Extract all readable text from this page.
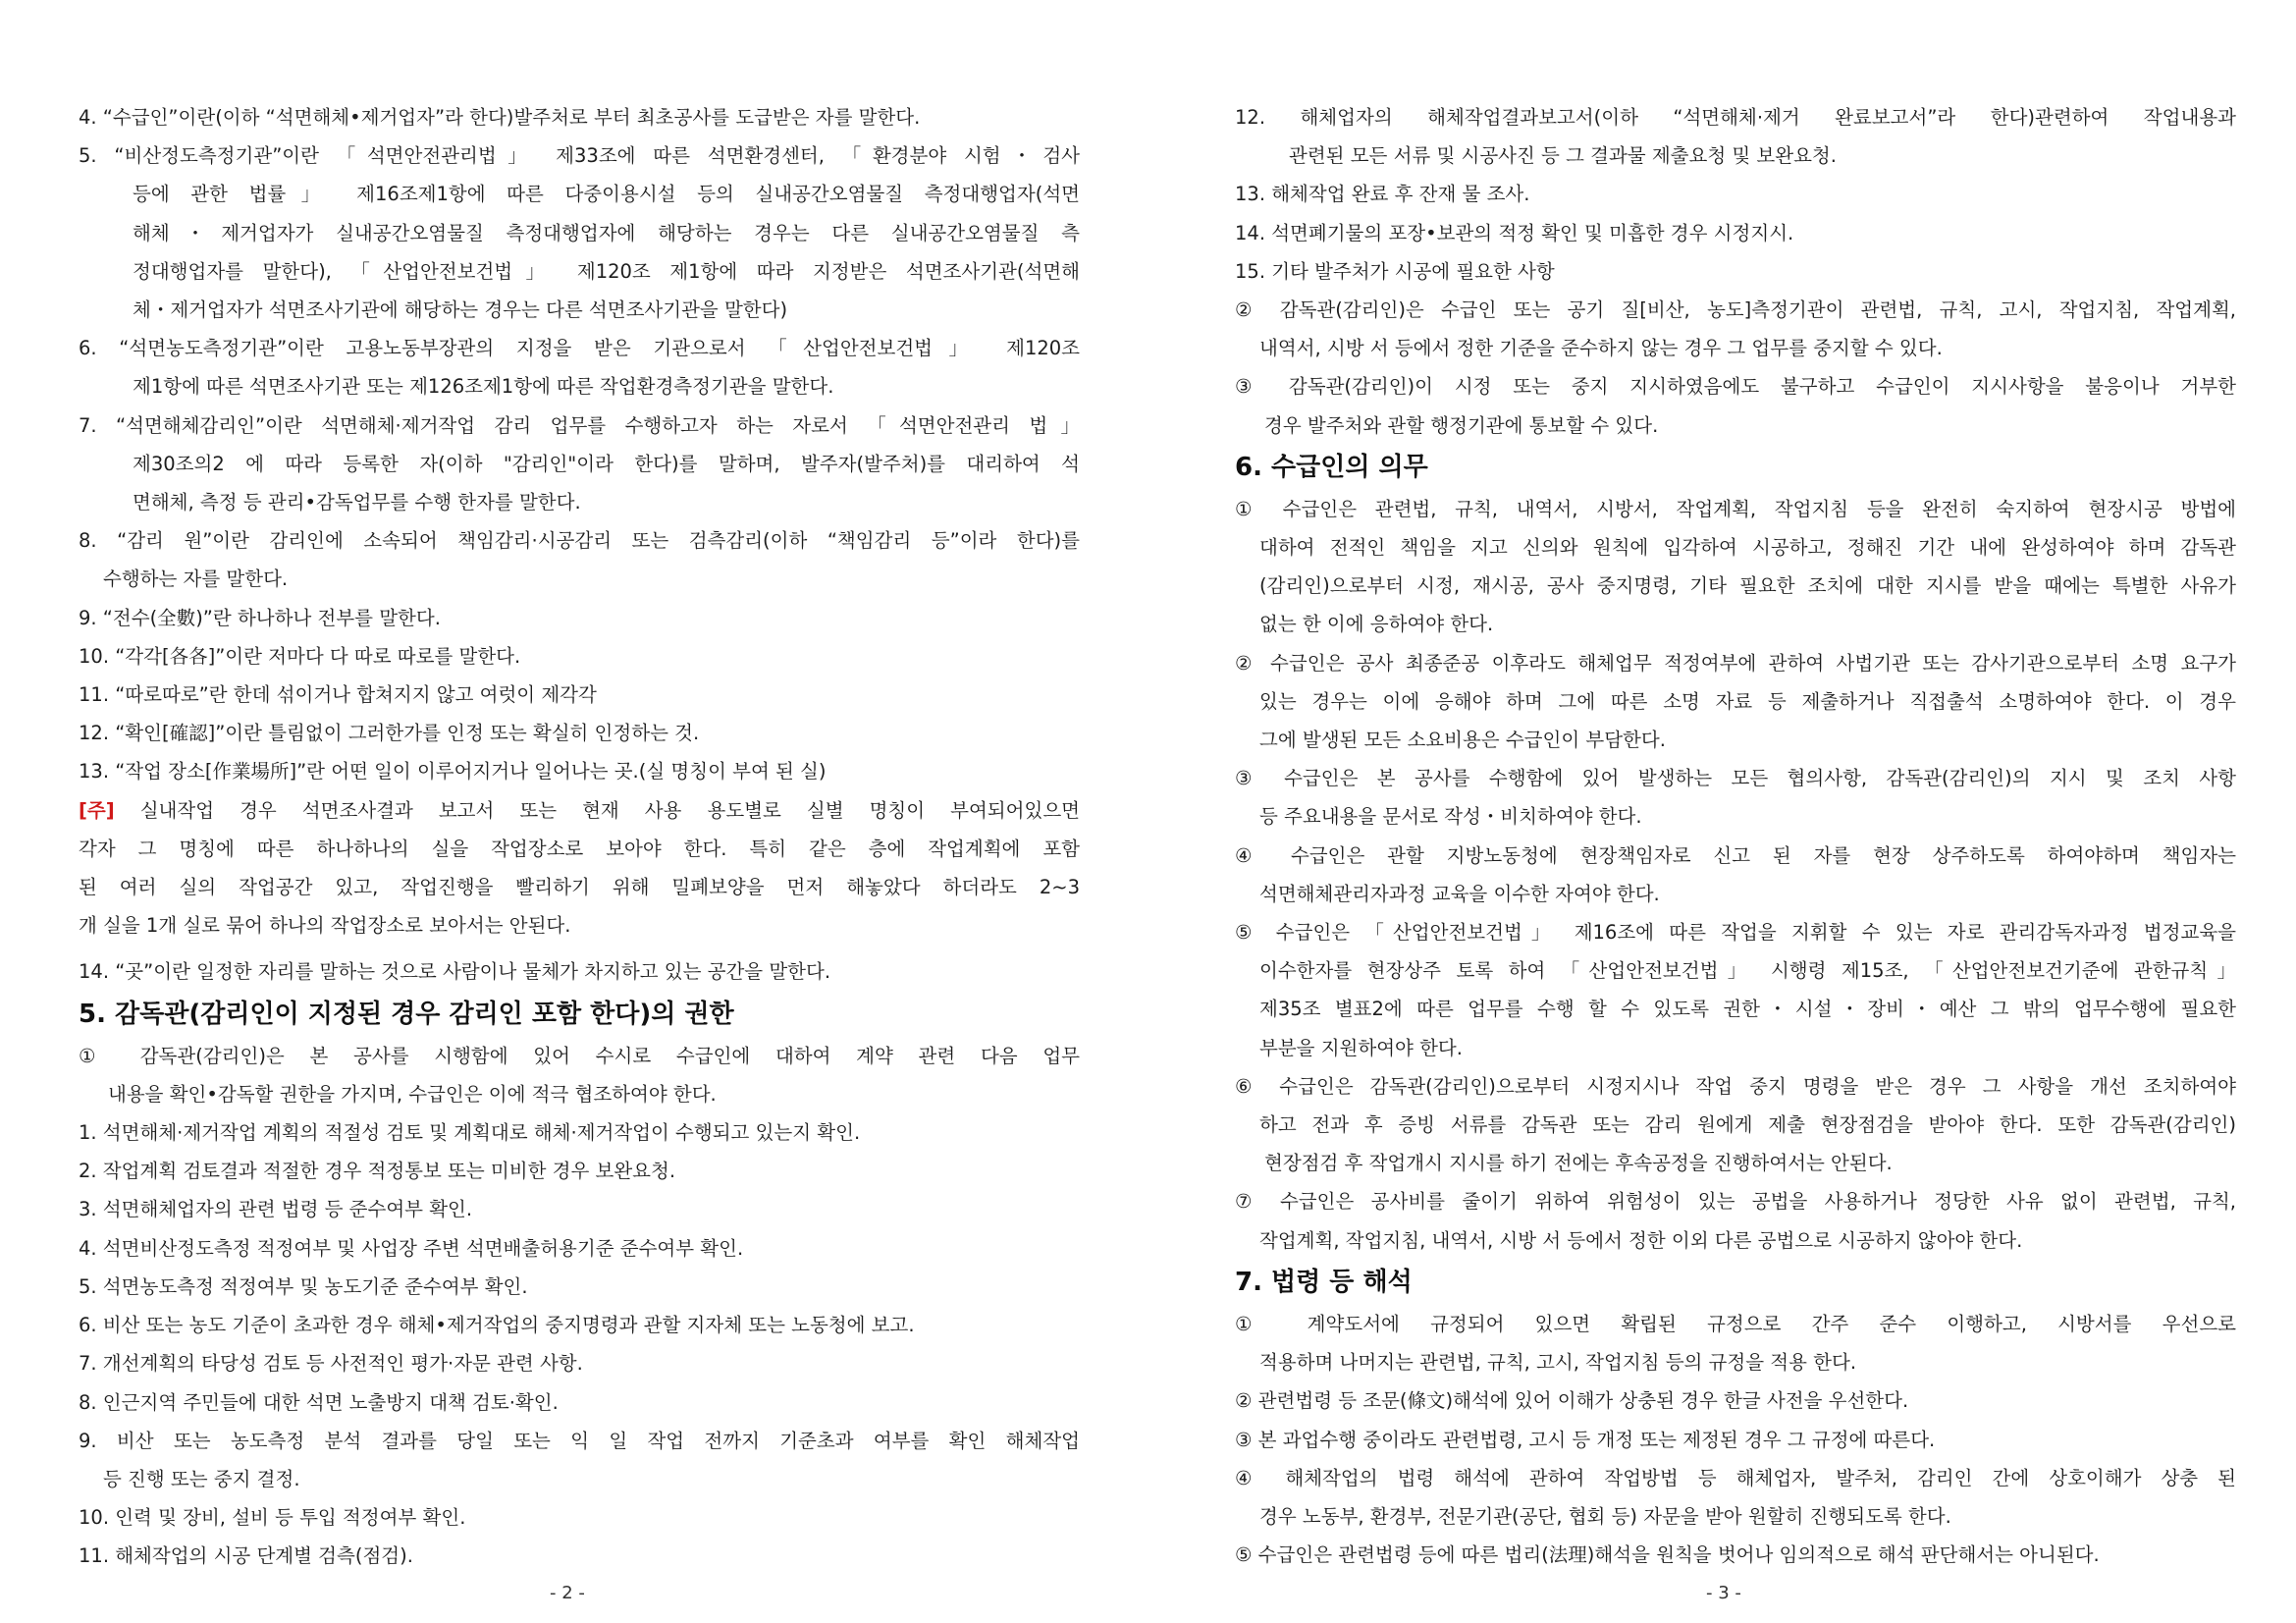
4. “수급인”이란(이하 “석면해체•제거업자”라 한다)발주처로 부터 최초공사를 도급받은 자를 말한다.
5. “비산정도측정기관”이란 「석면안전관리법」 제33조에 따른 석면환경센터, 「환경분야 시험・검사
등에 관한 법률」 제16조제1항에 따른 다중이용시설 등의 실내공간오염물질 측정대행업자(석면
해체・제거업자가 실내공간오염물질 측정대행업자에 해당하는 경우는 다른 실내공간오염물질 측
정대행업자를 말한다), 「산업안전보건법」 제120조 제1항에 따라 지정받은 석면조사기관(석면해
체・제거업자가 석면조사기관에 해당하는 경우는 다른 석면조사기관을 말한다)
6. “석면농도측정기관”이란 고용노동부장관의 지정을 받은 기관으로서 「산업안전보건법」 제120조
제1항에 따른 석면조사기관 또는 제126조제1항에 따른 작업환경측정기관을 말한다.
7. “석면해체감리인”이란 석면해체·제거작업 감리 업무를 수행하고자 하는 자로서 「석면안전관리 법」
제30조의2 에 따라 등록한 자(이하 "감리인"이라 한다)를 말하며, 발주자(발주처)를 대리하여 석
면해체, 측정 등 관리•감독업무를 수행 한자를 말한다.
8. “감리 원”이란 감리인에 소속되어 책임감리·시공감리 또는 검측감리(이하 “책임감리 등”이라 한다)를
수행하는 자를 말한다.
9. “전수(全數)”란 하나하나 전부를 말한다.
10. “각각[各各]”이란 저마다 다 따로 따로를 말한다.
11. “따로따로”란 한데 섞이거나 합쳐지지 않고 여럿이 제각각
12. “확인[確認]”이란 틀림없이 그러한가를 인정 또는 확실히 인정하는 것.
13. “작업 장소[作業場所]”란 어떤 일이 이루어지거나 일어나는 곳.(실 명칭이 부여 된 실)
[주] 실내작업 경우 석면조사결과 보고서 또는 현재 사용 용도별로 실별 명칭이 부여되어있으면
각자 그 명칭에 따른 하나하나의 실을 작업장소로 보아야 한다. 특히 같은 층에 작업계획에 포함
된 여러 실의 작업공간 있고, 작업진행을 빨리하기 위해 밀폐보양을 먼저 해놓았다 하더라도 2~3
개 실을 1개 실로 묶어 하나의 작업장소로 보아서는 안된다.
14. “곳”이란 일정한 자리를 말하는 것으로 사람이나 물체가 차지하고 있는 공간을 말한다.
5. 감독관(감리인이 지정된 경우 감리인 포함 한다)의 권한
① 감독관(감리인)은 본 공사를 시행함에 있어 수시로 수급인에 대하여 계약 관련 다음 업무
내용을 확인•감독할 권한을 가지며, 수급인은 이에 적극 협조하여야 한다.
1. 석면해체·제거작업 계획의 적절성 검토 및 계획대로 해체·제거작업이 수행되고 있는지 확인.
2. 작업계획 검토결과 적절한 경우 적정통보 또는 미비한 경우 보완요청.
3. 석면해체업자의 관련 법령 등 준수여부 확인.
4. 석면비산정도측정 적정여부 및 사업장 주변 석면배출허용기준 준수여부 확인.
5. 석면농도측정 적정여부 및 농도기준 준수여부 확인.
6. 비산 또는 농도 기준이 초과한 경우 해체•제거작업의 중지명령과 관할 지자체 또는 노동청에 보고.
7. 개선계획의 타당성 검토 등 사전적인 평가·자문 관련 사항.
8. 인근지역 주민들에 대한 석면 노출방지 대책 검토·확인.
9. 비산 또는 농도측정 분석 결과를 당일 또는 익 일 작업 전까지 기준초과 여부를 확인 해체작업
등 진행 또는 중지 결정.
10. 인력 및 장비, 설비 등 투입 적정여부 확인.
11. 해체작업의 시공 단계별 검측(점검).
- 2 -
12. 해체업자의 해체작업결과보고서(이하 “석면해체·제거 완료보고서”라 한다)관련하여 작업내용과
관련된 모든 서류 및 시공사진 등 그 결과물 제출요청 및 보완요청.
13. 해체작업 완료 후 잔재 물 조사.
14. 석면폐기물의 포장•보관의 적정 확인 및 미흡한 경우 시정지시.
15. 기타 발주처가 시공에 필요한 사항
② 감독관(감리인)은 수급인 또는 공기 질[비산, 농도]측정기관이 관련법, 규칙, 고시, 작업지침, 작업계획,
내역서, 시방 서 등에서 정한 기준을 준수하지 않는 경우 그 업무를 중지할 수 있다.
③ 감독관(감리인)이 시정 또는 중지 지시하였음에도 불구하고 수급인이 지시사항을 불응이나 거부한
경우 발주처와 관할 행정기관에 통보할 수 있다.
6. 수급인의 의무
① 수급인은 관련법, 규칙, 내역서, 시방서, 작업계획, 작업지침 등을 완전히 숙지하여 현장시공 방법에
대하여 전적인 책임을 지고 신의와 원칙에 입각하여 시공하고, 정해진 기간 내에 완성하여야 하며 감독관
(감리인)으로부터 시정, 재시공, 공사 중지명령, 기타 필요한 조치에 대한 지시를 받을 때에는 특별한 사유가
없는 한 이에 응하여야 한다.
② 수급인은 공사 최종준공 이후라도 해체업무 적정여부에 관하여 사법기관 또는 감사기관으로부터 소명 요구가
있는 경우는 이에 응해야 하며 그에 따른 소명 자료 등 제출하거나 직접출석 소명하여야 한다. 이 경우
그에 발생된 모든 소요비용은 수급인이 부담한다.
③ 수급인은 본 공사를 수행함에 있어 발생하는 모든 협의사항, 감독관(감리인)의 지시 및 조치 사항
등 주요내용을 문서로 작성・비치하여야 한다.
④ 수급인은 관할 지방노동청에 현장책임자로 신고 된 자를 현장 상주하도록 하여야하며 책임자는
석면해체관리자과정 교육을 이수한 자여야 한다.
⑤ 수급인은 「산업안전보건법」 제16조에 따른 작업을 지휘할 수 있는 자로 관리감독자과정 법정교육을
이수한자를 현장상주 토록 하여 「산업안전보건법」 시행령 제15조, 「산업안전보건기준에 관한규칙」
제35조 별표2에 따른 업무를 수행 할 수 있도록 권한・시설・장비・예산 그 밖의 업무수행에 필요한
부분을 지원하여야 한다.
⑥ 수급인은 감독관(감리인)으로부터 시정지시나 작업 중지 명령을 받은 경우 그 사항을 개선 조치하여야
하고 전과 후 증빙 서류를 감독관 또는 감리 원에게 제출 현장점검을 받아야 한다. 또한 감독관(감리인)
현장점검 후 작업개시 지시를 하기 전에는 후속공정을 진행하여서는 안된다.
⑦ 수급인은 공사비를 줄이기 위하여 위험성이 있는 공법을 사용하거나 정당한 사유 없이 관련법, 규칙,
작업계획, 작업지침, 내역서, 시방 서 등에서 정한 이외 다른 공법으로 시공하지 않아야 한다.
7. 법령 등 해석
① 계약도서에 규정되어 있으면 확립된 규정으로 간주 준수 이행하고, 시방서를 우선으로
적용하며 나머지는 관련법, 규칙, 고시, 작업지침 등의 규정을 적용 한다.
② 관련법령 등 조문(條文)해석에 있어 이해가 상충된 경우 한글 사전을 우선한다.
③ 본 과업수행 중이라도 관련법령, 고시 등 개정 또는 제정된 경우 그 규정에 따른다.
④ 해체작업의 법령 해석에 관하여 작업방법 등 해체업자, 발주처, 감리인 간에 상호이해가 상충 된
경우 노동부, 환경부, 전문기관(공단, 협회 등) 자문을 받아 원할히 진행되도록 한다.
⑤ 수급인은 관련법령 등에 따른 법리(法理)해석을 원칙을 벗어나 임의적으로 해석 판단해서는 아니된다.
- 3 -
